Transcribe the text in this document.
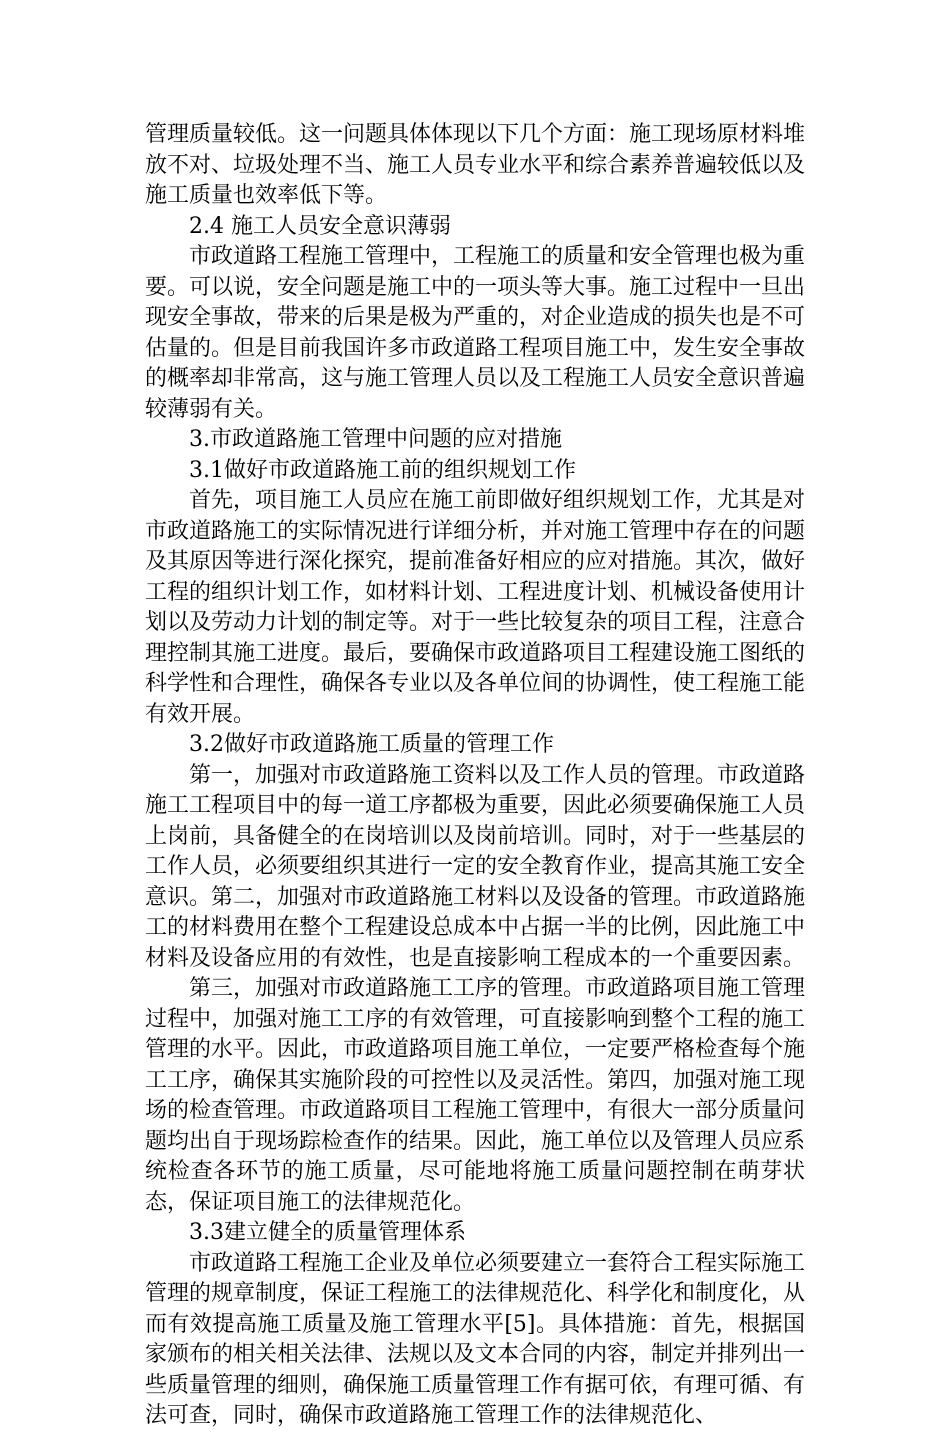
管理质量较低。这一问题具体体现以下几个方面：施工现场原材料堆放不对、垃圾处理不当、施工人员专业水平和综合素养普遍较低以及施工质量也效率低下等。

2.4 施工人员安全意识薄弱

市政道路工程施工管理中，工程施工的质量和安全管理也极为重要。可以说，安全问题是施工中的一项头等大事。施工过程中一旦出现安全事故，带来的后果是极为严重的，对企业造成的损失也是不可估量的。但是目前我国许多市政道路工程项目施工中，发生安全事故的概率却非常高，这与施工管理人员以及工程施工人员安全意识普遍较薄弱有关。

3.市政道路施工管理中问题的应对措施

3.1做好市政道路施工前的组织规划工作

首先，项目施工人员应在施工前即做好组织规划工作，尤其是对市政道路施工的实际情况进行详细分析，并对施工管理中存在的问题及其原因等进行深化探究，提前准备好相应的应对措施。其次，做好工程的组织计划工作，如材料计划、工程进度计划、机械设备使用计划以及劳动力计划的制定等。对于一些比较复杂的项目工程，注意合理控制其施工进度。最后，要确保市政道路项目工程建设施工图纸的科学性和合理性，确保各专业以及各单位间的协调性，使工程施工能有效开展。

3.2做好市政道路施工质量的管理工作

第一，加强对市政道路施工资料以及工作人员的管理。市政道路施工工程项目中的每一道工序都极为重要，因此必须要确保施工人员上岗前，具备健全的在岗培训以及岗前培训。同时，对于一些基层的工作人员，必须要组织其进行一定的安全教育作业，提高其施工安全意识。第二，加强对市政道路施工材料以及设备的管理。市政道路施工的材料费用在整个工程建设总成本中占据一半的比例，因此施工中材料及设备应用的有效性，也是直接影响工程成本的一个重要因素。

第三，加强对市政道路施工工序的管理。市政道路项目施工管理过程中，加强对施工工序的有效管理，可直接影响到整个工程的施工管理的水平。因此，市政道路项目施工单位，一定要严格检查每个施工工序，确保其实施阶段的可控性以及灵活性。第四，加强对施工现场的检查管理。市政道路项目工程施工管理中，有很大一部分质量问题均出自于现场踪检查作的结果。因此，施工单位以及管理人员应系统检查各环节的施工质量，尽可能地将施工质量问题控制在萌芽状态，保证项目施工的法律规范化。

3.3建立健全的质量管理体系

市政道路工程施工企业及单位必须要建立一套符合工程实际施工管理的规章制度，保证工程施工的法律规范化、科学化和制度化，从而有效提高施工质量及施工管理水平[5]。具体措施：首先，根据国家颁布的相关相关法律、法规以及文本合同的内容，制定并排列出一些质量管理的细则，确保施工质量管理工作有据可依，有理可循、有法可查，同时，确保市政道路施工管理工作的法律规范化、
